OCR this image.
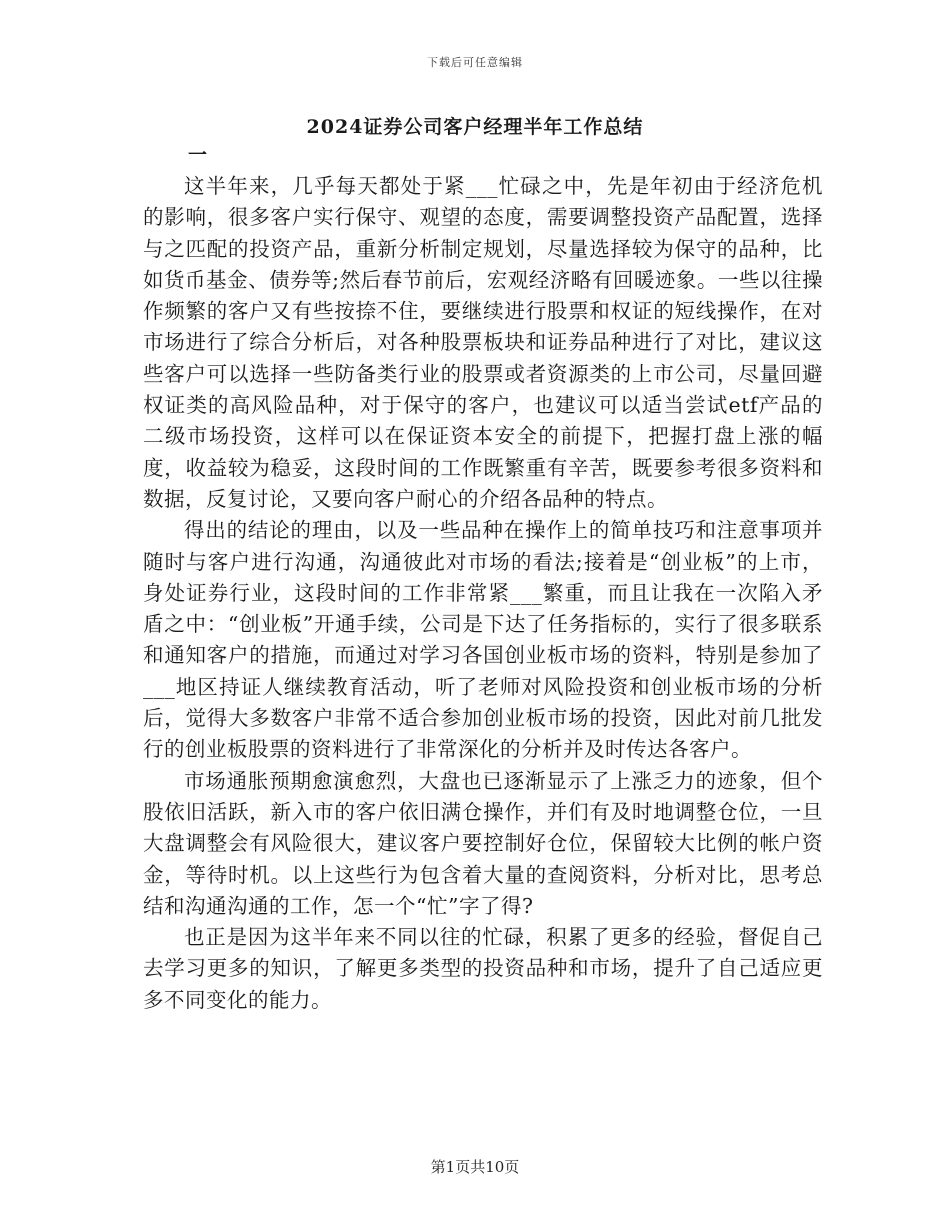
下载后可任意编辑
2024证券公司客户经理半年工作总结
一

这半年来，几乎每天都处于紧___忙碌之中，先是年初由于经济危机的影响，很多客户实行保守、观望的态度，需要调整投资产品配置，选择与之匹配的投资产品，重新分析制定规划，尽量选择较为保守的品种，比如货币基金、债券等;然后春节前后，宏观经济略有回暖迹象。一些以往操作频繁的客户又有些按捺不住，要继续进行股票和权证的短线操作，在对市场进行了综合分析后，对各种股票板块和证券品种进行了对比，建议这些客户可以选择一些防备类行业的股票或者资源类的上市公司，尽量回避权证类的高风险品种，对于保守的客户，也建议可以适当尝试etf产品的二级市场投资，这样可以在保证资本安全的前提下，把握打盘上涨的幅度，收益较为稳妥，这段时间的工作既繁重有辛苦，既要参考很多资料和数据，反复讨论，又要向客户耐心的介绍各品种的特点。

得出的结论的理由，以及一些品种在操作上的简单技巧和注意事项并随时与客户进行沟通，沟通彼此对市场的看法;接着是“创业板”的上市，身处证券行业，这段时间的工作非常紧___繁重，而且让我在一次陷入矛盾之中：“创业板”开通手续，公司是下达了任务指标的，实行了很多联系和通知客户的措施，而通过对学习各国创业板市场的资料，特别是参加了___地区持证人继续教育活动，听了老师对风险投资和创业板市场的分析后，觉得大多数客户非常不适合参加创业板市场的投资，因此对前几批发行的创业板股票的资料进行了非常深化的分析并及时传达各客户。

市场通胀预期愈演愈烈，大盘也已逐渐显示了上涨乏力的迹象，但个股依旧活跃，新入市的客户依旧满仓操作，并们有及时地调整仓位，一旦大盘调整会有风险很大，建议客户要控制好仓位，保留较大比例的帐户资金，等待时机。以上这些行为包含着大量的查阅资料，分析对比，思考总结和沟通沟通的工作，怎一个“忙”字了得?

也正是因为这半年来不同以往的忙碌，积累了更多的经验，督促自己去学习更多的知识，了解更多类型的投资品种和市场，提升了自己适应更多不同变化的能力。

第1页共10页
